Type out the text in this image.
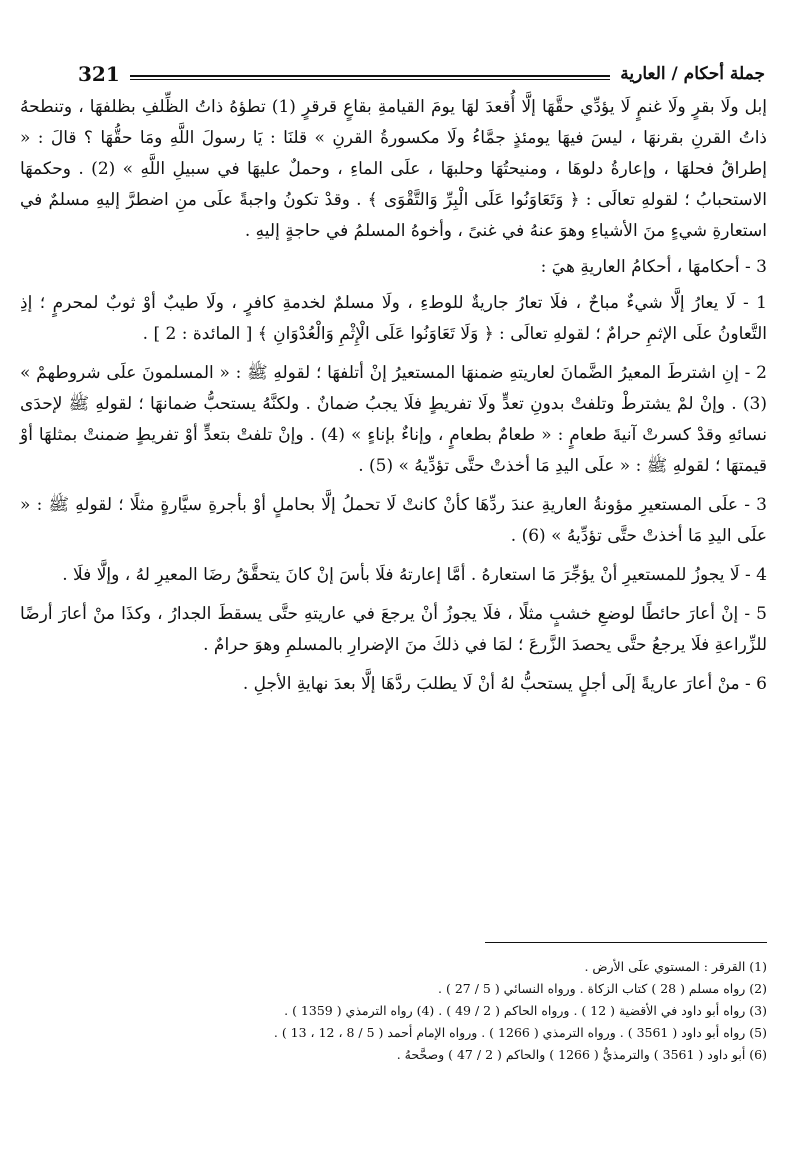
321	جملة أحكام / العارية

إبل ولَا بقرٍ ولَا غنمٍ لَا يؤدِّي حقَّهَا إلَّا أُقعدَ لهَا يومَ القيامةِ بقاعٍ قرقرٍ (1) تطؤهُ ذاتُ الظِّلفِ بظلفهَا ، وتنطحهُ ذاتُ القرنِ بقرنهَا ، ليسَ فيهَا يومئذٍ جمَّاءُ ولَا مكسورةُ القرنِ » قلنَا : يَا رسولَ اللَّهِ ومَا حقُّهَا ؟ قالَ : « إطراقُ فحلهَا ، وإعارةُ دلوهَا ، ومنيحتُهَا وحلبهَا ، علَى الماءِ ، وحملٌ عليهَا في سبيلِ اللَّهِ » (2) . وحكمهَا الاستحبابُ ؛ لقولهِ تعالَى : ﴿ وَتَعَاوَنُوا عَلَى الْبِرِّ وَالتَّقْوَى ﴾ . وقدْ تكونُ واجبةً علَى منِ اضطرَّ إليهِ مسلمٌ في استعارةِ شيءٍ منَ الأشياءِ وهوَ عنهُ في غنىً ، وأخوهُ المسلمُ في حاجةٍ إليهِ .

3 - أحكامهَا ، أحكامُ العاريةِ هيَ :

1 - لَا يعارُ إلَّا شيءٌ مباحٌ ، فلَا تعارُ جاريةٌ للوطءِ ، ولَا مسلمٌ لخدمةِ كافرٍ ، ولَا طيبٌ أوْ ثوبٌ لمحرمٍ ؛ إذِ التَّعاونُ علَى الإثمِ حرامٌ ؛ لقولهِ تعالَى : ﴿ وَلَا تَعَاوَنُوا عَلَى الْإِثْمِ وَالْعُدْوَانِ ﴾ [ المائدة : 2 ] .

2 - إنِ اشترطَ المعيرُ الضَّمانَ لعاريتهِ ضمنهَا المستعيرُ إنْ أتلفهَا ؛ لقولهِ ﷺ : « المسلمونَ علَى شروطهمْ » (3) . وإنْ لمْ يشترطْ وتلفتْ بدونِ تعدٍّ ولَا تفريطٍ فلَا يجبُ ضمانٌ . ولكنَّهُ يستحبُّ ضمانهَا ؛ لقولهِ ﷺ لإحدَى نسائهِ وقدْ كسرتْ آنيةَ طعامٍ : « طعامٌ بطعامٍ ، وإناءٌ بإناءٍ » (4) . وإنْ تلفتْ بتعدٍّ أوْ تفريطٍ ضمنتْ بمثلهَا أوْ قيمتهَا ؛ لقولهِ ﷺ : « علَى اليدِ مَا أخذتْ حتَّى تؤدِّيهُ » (5) .

3 - علَى المستعيرِ مؤونةُ العاريةِ عندَ ردِّهَا كأنْ كانتْ لَا تحملُ إلَّا بحاملٍ أوْ بأجرةِ سيَّارةٍ مثلًا ؛ لقولهِ ﷺ : « علَى اليدِ مَا أخذتْ حتَّى تؤدِّيهُ » (6) .

4 - لَا يجوزُ للمستعيرِ أنْ يؤجِّرَ مَا استعارهُ . أمَّا إعارتهُ فلَا بأسَ إنْ كانَ يتحقَّقُ رضَا المعيرِ لهُ ، وإلَّا فلَا .

5 - إنْ أعارَ حائطًا لوضعِ خشبٍ مثلًا ، فلَا يجوزُ أنْ يرجعَ في عاريتهِ حتَّى يسقطَ الجدارُ ، وكذَا منْ أعارَ أرضًا للزِّراعةِ فلَا يرجعُ حتَّى يحصدَ الزَّرعَ ؛ لمَا في ذلكَ منَ الإضرارِ بالمسلمِ وهوَ حرامٌ .

6 - منْ أعارَ عاريةً إلَى أجلٍ يستحبُّ لهُ أنْ لَا يطلبَ ردَّهَا إلَّا بعدَ نهايةِ الأجلِ .

(1) القرقر : المستوي علَى الأرض .
(2) رواه مسلم ( 28 ) كتاب الزكاة . ورواه النسائي ( 5 / 27 ) .
(3) رواه أبو داود في الأقضية ( 12 ) . ورواه الحاكم ( 2 / 49 ) . (4) رواه الترمذي ( 1359 ) .
(5) رواه أبو داود ( 3561 ) . ورواه الترمذي ( 1266 ) . ورواه الإمام أحمد ( 5 / 8 ، 12 ، 13 ) .
(6) أبو داود ( 3561 ) والترمذيُّ ( 1266 ) والحاكم ( 2 / 47 ) وصحَّحهُ .
